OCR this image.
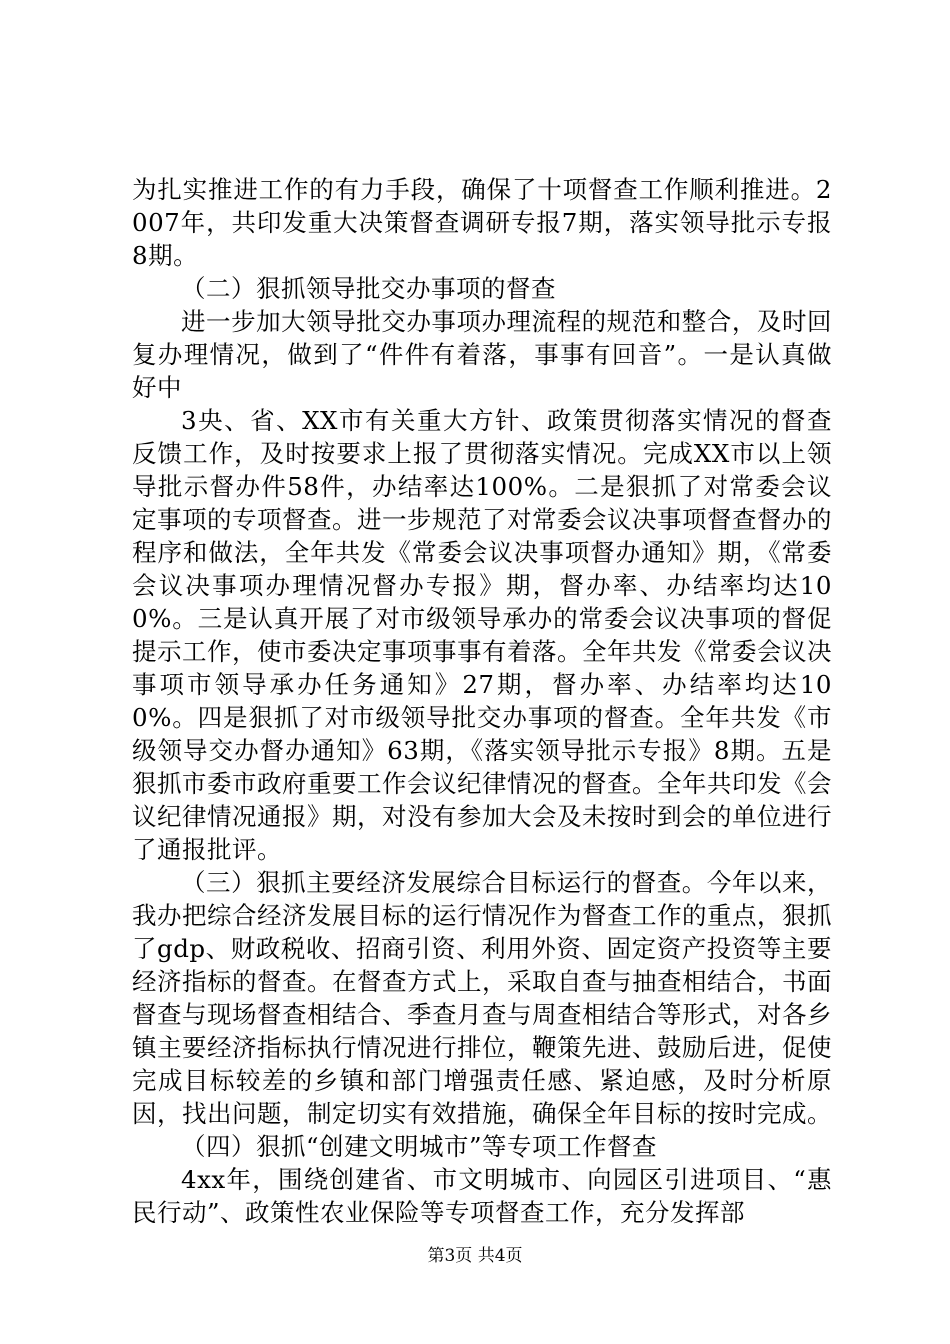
为扎实推进工作的有力手段，确保了十项督查工作顺利推进。2007年，共印发重大决策督查调研专报7期，落实领导批示专报8期。

（二）狠抓领导批交办事项的督查

进一步加大领导批交办事项办理流程的规范和整合，及时回复办理情况，做到了“件件有着落，事事有回音”。一是认真做好中

3央、省、XX市有关重大方针、政策贯彻落实情况的督查反馈工作，及时按要求上报了贯彻落实情况。完成XX市以上领导批示督办件58件，办结率达100%。二是狠抓了对常委会议定事项的专项督查。进一步规范了对常委会议决事项督查督办的程序和做法，全年共发《常委会议决事项督办通知》期，《常委会议决事项办理情况督办专报》期，督办率、办结率均达100%。三是认真开展了对市级领导承办的常委会议决事项的督促提示工作，使市委决定事项事事有着落。全年共发《常委会议决事项市领导承办任务通知》27期，督办率、办结率均达100%。四是狠抓了对市级领导批交办事项的督查。全年共发《市级领导交办督办通知》63期，《落实领导批示专报》8期。五是狠抓市委市政府重要工作会议纪律情况的督查。全年共印发《会议纪律情况通报》期，对没有参加大会及未按时到会的单位进行了通报批评。

（三）狠抓主要经济发展综合目标运行的督查。今年以来，我办把综合经济发展目标的运行情况作为督查工作的重点，狠抓了gdp、财政税收、招商引资、利用外资、固定资产投资等主要经济指标的督查。在督查方式上，采取自查与抽查相结合，书面督查与现场督查相结合、季查月查与周查相结合等形式，对各乡镇主要经济指标执行情况进行排位，鞭策先进、鼓励后进，促使完成目标较差的乡镇和部门增强责任感、紧迫感，及时分析原因，找出问题，制定切实有效措施，确保全年目标的按时完成。

（四）狠抓“创建文明城市”等专项工作督查

4xx年，围绕创建省、市文明城市、向园区引进项目、“惠民行动”、政策性农业保险等专项督查工作，充分发挥部

第3页 共4页
